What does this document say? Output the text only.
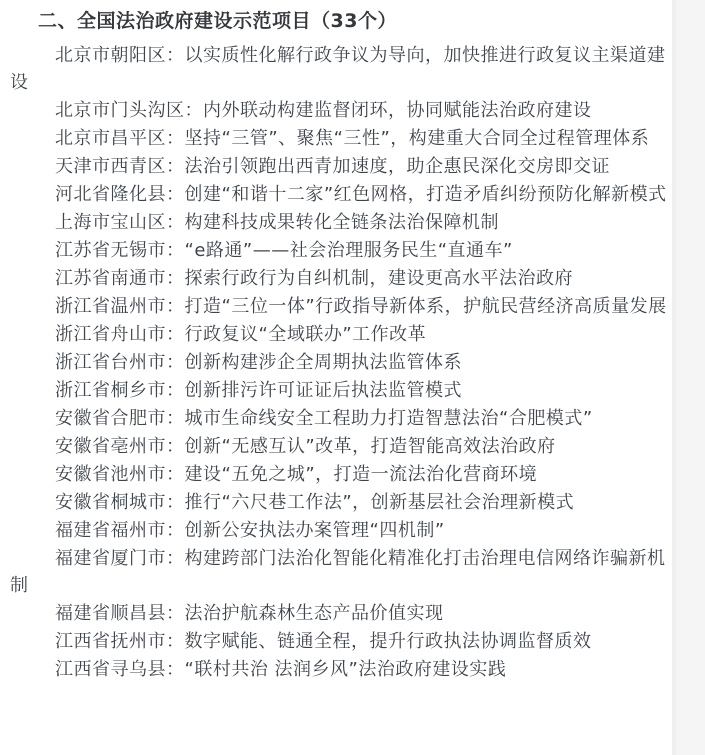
二、全国法治政府建设示范项目（33个）

北京市朝阳区：以实质性化解行政争议为导向，加快推进行政复议主渠道建设

北京市门头沟区：内外联动构建监督闭环，协同赋能法治政府建设

北京市昌平区：坚持“三管”、聚焦“三性”，构建重大合同全过程管理体系

天津市西青区：法治引领跑出西青加速度，助企惠民深化交房即交证

河北省隆化县：创建“和谐十二家”红色网格，打造矛盾纠纷预防化解新模式

上海市宝山区：构建科技成果转化全链条法治保障机制

江苏省无锡市：“e路通”——社会治理服务民生“直通车”

江苏省南通市：探索行政行为自纠机制，建设更高水平法治政府

浙江省温州市：打造“三位一体”行政指导新体系，护航民营经济高质量发展

浙江省舟山市：行政复议“全域联办”工作改革

浙江省台州市：创新构建涉企全周期执法监管体系

浙江省桐乡市：创新排污许可证证后执法监管模式

安徽省合肥市：城市生命线安全工程助力打造智慧法治“合肥模式”

安徽省亳州市：创新“无感互认”改革，打造智能高效法治政府

安徽省池州市：建设“五免之城”，打造一流法治化营商环境

安徽省桐城市：推行“六尺巷工作法”，创新基层社会治理新模式

福建省福州市：创新公安执法办案管理“四机制”

福建省厦门市：构建跨部门法治化智能化精准化打击治理电信网络诈骗新机制

福建省顺昌县：法治护航森林生态产品价值实现

江西省抚州市：数字赋能、链通全程，提升行政执法协调监督质效

江西省寻乌县：“联村共治 法润乡风”法治政府建设实践
